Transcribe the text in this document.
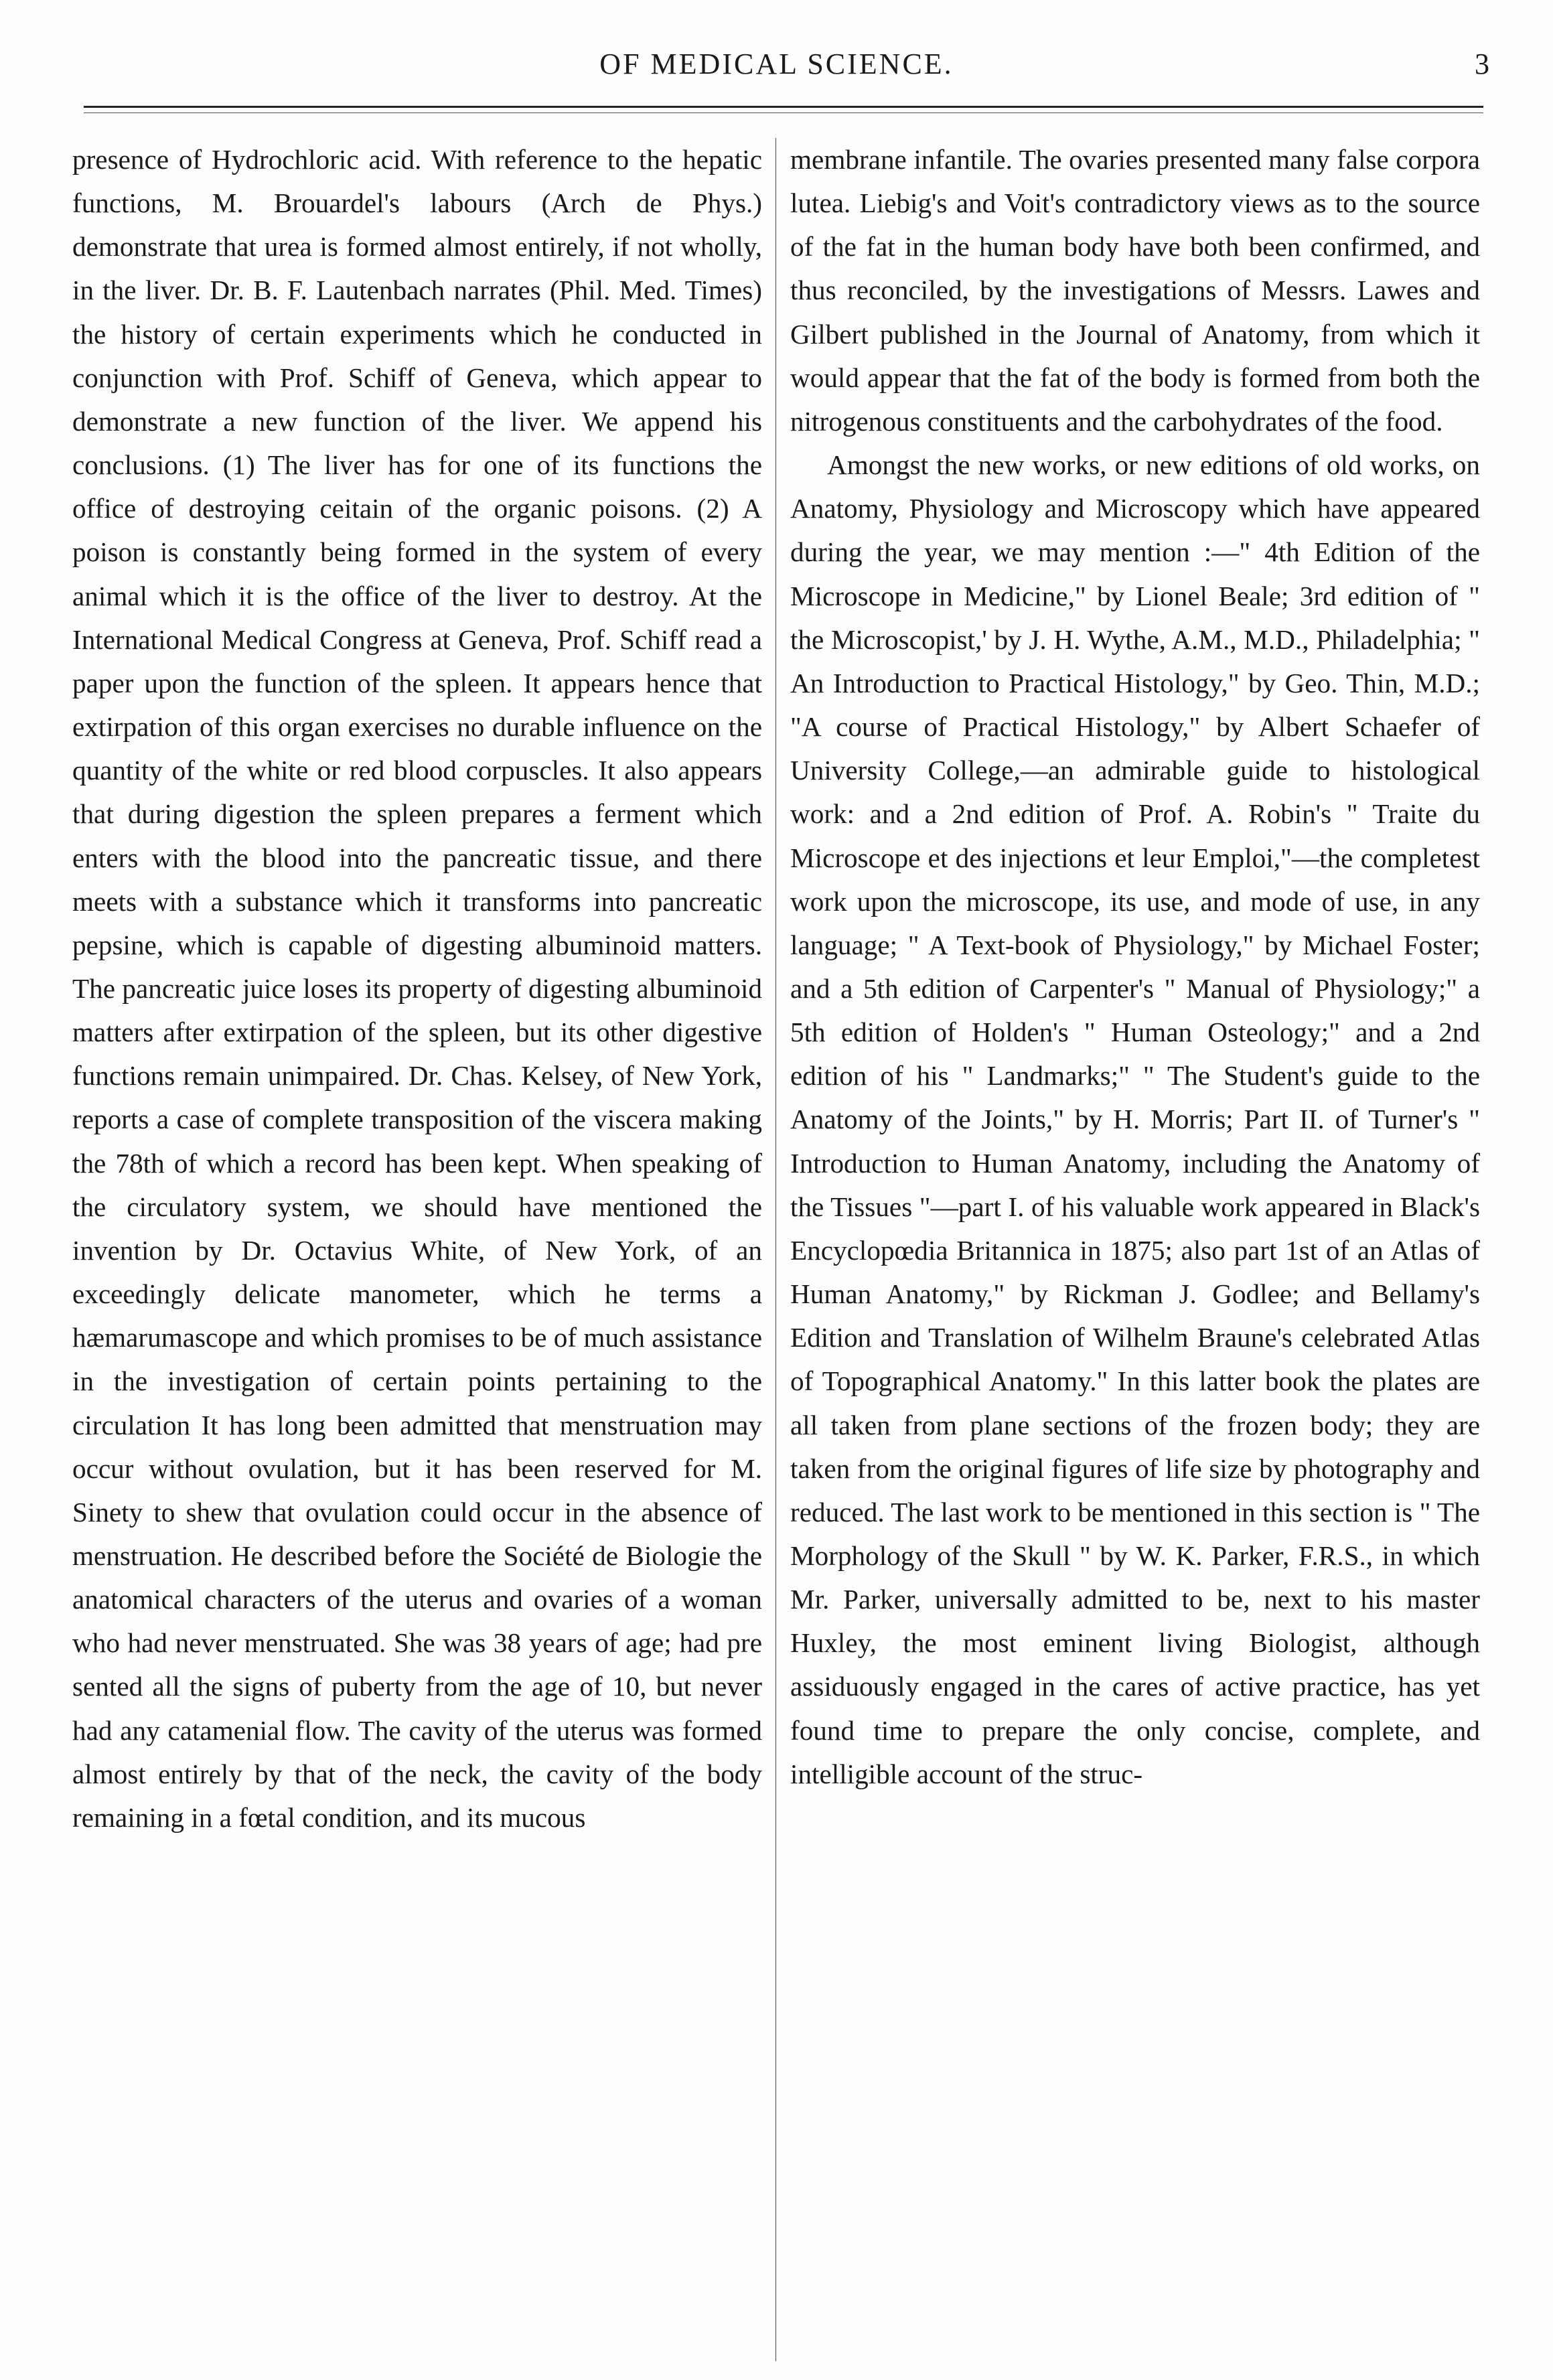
OF MEDICAL SCIENCE.	3

presence of Hydrochloric acid. With reference to the hepatic functions, M. Brouardel's labours (Arch de Phys.) demonstrate that urea is formed almost entirely, if not wholly, in the liver. Dr. B. F. Lautenbach narrates (Phil. Med. Times) the history of certain experiments which he conducted in conjunction with Prof. Schiff of Geneva, which appear to demonstrate a new function of the liver. We append his conclusions. (1) The liver has for one of its functions the office of destroying ceitain of the organic poisons. (2) A poison is constantly being formed in the system of every animal which it is the office of the liver to destroy. At the International Medical Congress at Geneva, Prof. Schiff read a paper upon the function of the spleen. It appears hence that extirpation of this organ exercises no durable influence on the quantity of the white or red blood corpuscles. It also appears that during digestion the spleen prepares a ferment which enters with the blood into the pancreatic tissue, and there meets with a substance which it transforms into pancreatic pepsine, which is capable of digesting albuminoid matters. The pancreatic juice loses its property of digesting albuminoid matters after extirpation of the spleen, but its other digestive functions remain unimpaired. Dr. Chas. Kelsey, of New York, reports a case of complete transposition of the viscera making the 78th of which a record has been kept. When speaking of the circulatory system, we should have mentioned the invention by Dr. Octavius White, of New York, of an exceedingly delicate manometer, which he terms a hæmarumascope and which promises to be of much assistance in the investigation of certain points pertaining to the circulation It has long been admitted that menstruation may occur without ovulation, but it has been reserved for M. Sinety to shew that ovulation could occur in the absence of menstruation. He described before the Société de Biologie the anatomical characters of the uterus and ovaries of a woman who had never menstruated. She was 38 years of age; had pre sented all the signs of puberty from the age of 10, but never had any catamenial flow. The cavity of the uterus was formed almost entirely by that of the neck, the cavity of the body remaining in a fœtal condition, and its mucous

membrane infantile. The ovaries presented many false corpora lutea. Liebig's and Voit's contradictory views as to the source of the fat in the human body have both been confirmed, and thus reconciled, by the investigations of Messrs. Lawes and Gilbert published in the Journal of Anatomy, from which it would appear that the fat of the body is formed from both the nitrogenous constituents and the carbohydrates of the food.

Amongst the new works, or new editions of old works, on Anatomy, Physiology and Microscopy which have appeared during the year, we may mention :—" 4th Edition of the Microscope in Medicine," by Lionel Beale; 3rd edition of " the Microscopist,' by J. H. Wythe, A.M., M.D., Philadelphia; " An Introduction to Practical Histology," by Geo. Thin, M.D.; "A course of Practical Histology," by Albert Schaefer of University College,—an admirable guide to histological work: and a 2nd edition of Prof. A. Robin's " Traite du Microscope et des injections et leur Emploi,"—the completest work upon the microscope, its use, and mode of use, in any language; " A Text-book of Physiology," by Michael Foster; and a 5th edition of Carpenter's " Manual of Physiology;" a 5th edition of Holden's " Human Osteology;" and a 2nd edition of his " Landmarks;" " The Student's guide to the Anatomy of the Joints," by H. Morris; Part II. of Turner's " Introduction to Human Anatomy, including the Anatomy of the Tissues "—part I. of his valuable work appeared in Black's Encyclopœdia Britannica in 1875; also part 1st of an Atlas of Human Anatomy," by Rickman J. Godlee; and Bellamy's Edition and Translation of Wilhelm Braune's celebrated Atlas of Topographical Anatomy." In this latter book the plates are all taken from plane sections of the frozen body; they are taken from the original figures of life size by photography and reduced. The last work to be mentioned in this section is " The Morphology of the Skull " by W. K. Parker, F.R.S., in which Mr. Parker, universally admitted to be, next to his master Huxley, the most eminent living Biologist, although assiduously engaged in the cares of active practice, has yet found time to prepare the only concise, complete, and intelligible account of the struc-
